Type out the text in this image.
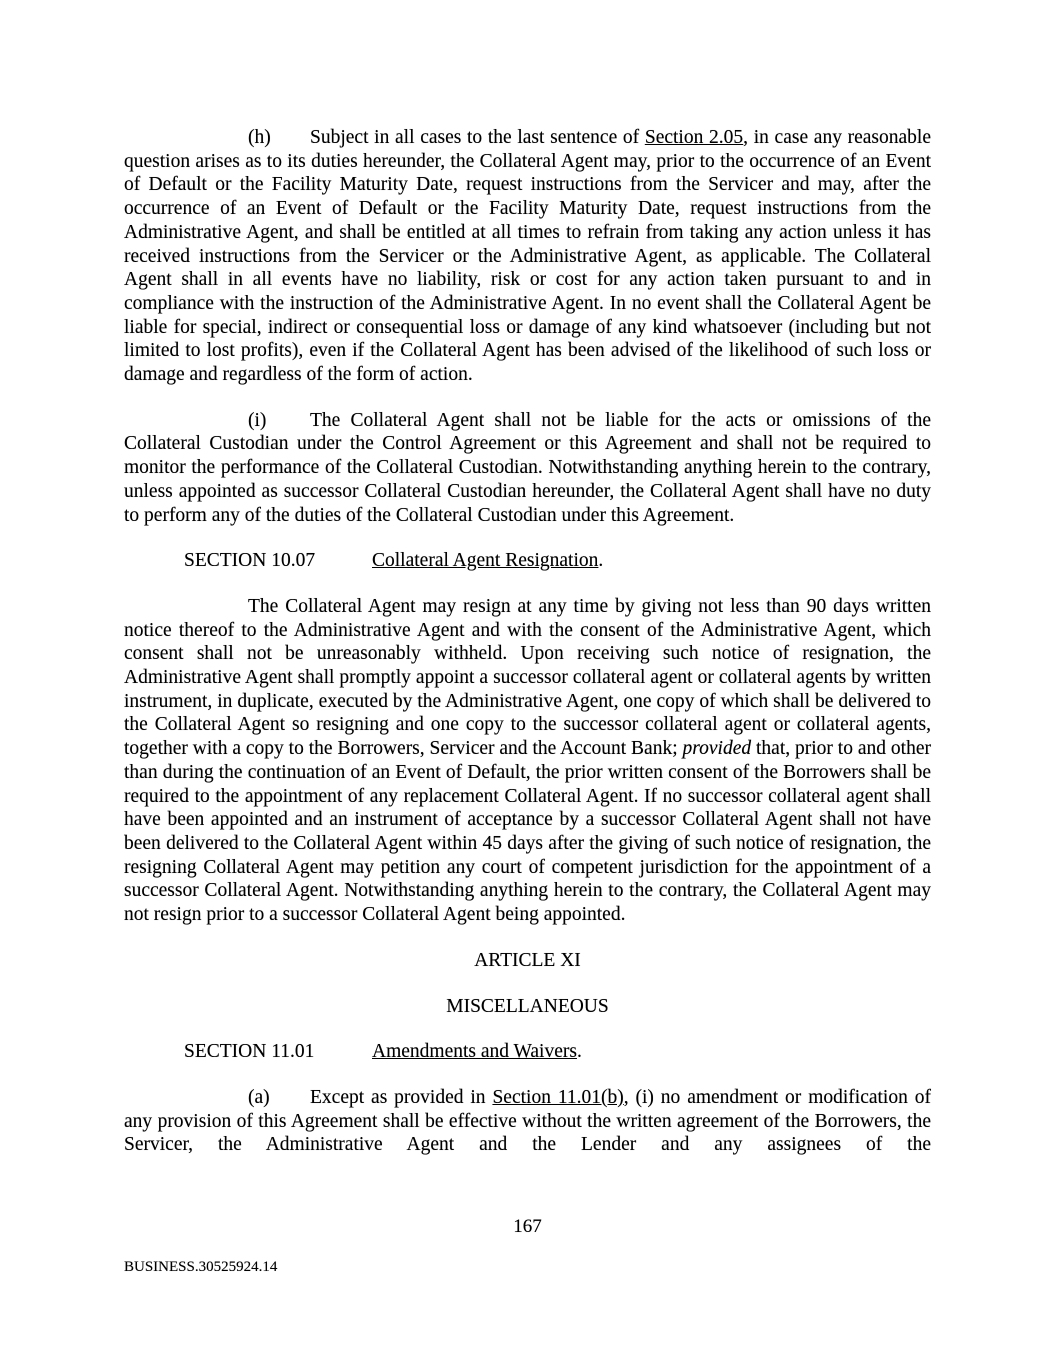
(h) Subject in all cases to the last sentence of Section 2.05, in case any reasonable question arises as to its duties hereunder, the Collateral Agent may, prior to the occurrence of an Event of Default or the Facility Maturity Date, request instructions from the Servicer and may, after the occurrence of an Event of Default or the Facility Maturity Date, request instructions from the Administrative Agent, and shall be entitled at all times to refrain from taking any action unless it has received instructions from the Servicer or the Administrative Agent, as applicable. The Collateral Agent shall in all events have no liability, risk or cost for any action taken pursuant to and in compliance with the instruction of the Administrative Agent. In no event shall the Collateral Agent be liable for special, indirect or consequential loss or damage of any kind whatsoever (including but not limited to lost profits), even if the Collateral Agent has been advised of the likelihood of such loss or damage and regardless of the form of action.

(i) The Collateral Agent shall not be liable for the acts or omissions of the Collateral Custodian under the Control Agreement or this Agreement and shall not be required to monitor the performance of the Collateral Custodian. Notwithstanding anything herein to the contrary, unless appointed as successor Collateral Custodian hereunder, the Collateral Agent shall have no duty to perform any of the duties of the Collateral Custodian under this Agreement.

SECTION 10.07	Collateral Agent Resignation.

The Collateral Agent may resign at any time by giving not less than 90 days written notice thereof to the Administrative Agent and with the consent of the Administrative Agent, which consent shall not be unreasonably withheld. Upon receiving such notice of resignation, the Administrative Agent shall promptly appoint a successor collateral agent or collateral agents by written instrument, in duplicate, executed by the Administrative Agent, one copy of which shall be delivered to the Collateral Agent so resigning and one copy to the successor collateral agent or collateral agents, together with a copy to the Borrowers, Servicer and the Account Bank; provided that, prior to and other than during the continuation of an Event of Default, the prior written consent of the Borrowers shall be required to the appointment of any replacement Collateral Agent. If no successor collateral agent shall have been appointed and an instrument of acceptance by a successor Collateral Agent shall not have been delivered to the Collateral Agent within 45 days after the giving of such notice of resignation, the resigning Collateral Agent may petition any court of competent jurisdiction for the appointment of a successor Collateral Agent. Notwithstanding anything herein to the contrary, the Collateral Agent may not resign prior to a successor Collateral Agent being appointed.

ARTICLE XI

MISCELLANEOUS

SECTION 11.01	Amendments and Waivers.

(a) Except as provided in Section 11.01(b), (i) no amendment or modification of any provision of this Agreement shall be effective without the written agreement of the Borrowers, the Servicer, the Administrative Agent and the Lender and any assignees of the

167
BUSINESS.30525924.14
